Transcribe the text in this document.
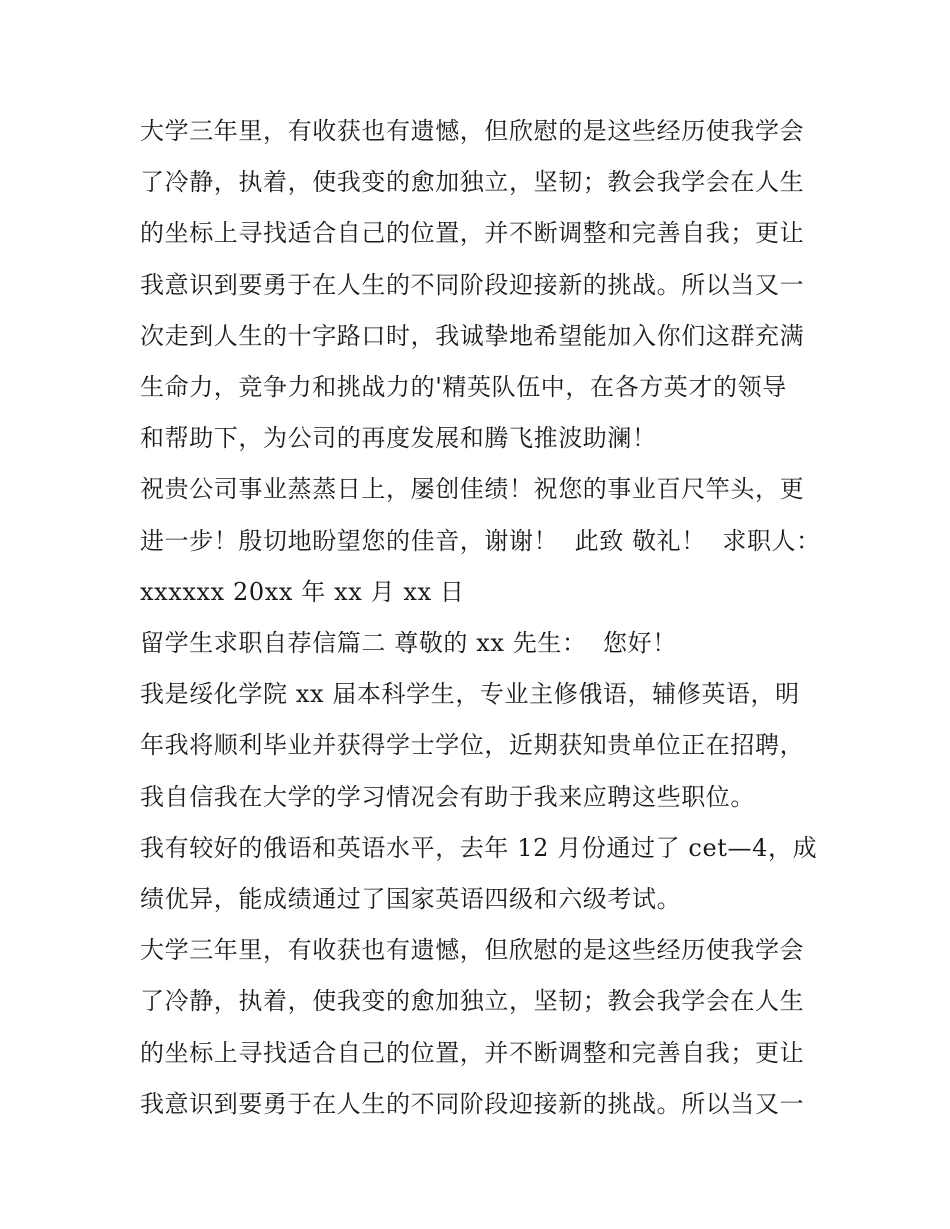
大学三年里，有收获也有遗憾，但欣慰的是这些经历使我学会

了冷静，执着，使我变的愈加独立，坚韧；教会我学会在人生

的坐标上寻找适合自己的位置，并不断调整和完善自我；更让

我意识到要勇于在人生的不同阶段迎接新的挑战。所以当又一

次走到人生的十字路口时，我诚挚地希望能加入你们这群充满

生命力，竞争力和挑战力的'精英队伍中，在各方英才的领导

和帮助下，为公司的再度发展和腾飞推波助澜！

祝贵公司事业蒸蒸日上，屡创佳绩！祝您的事业百尺竿头，更

进一步！殷切地盼望您的佳音，谢谢！  此致 敬礼！  求职人：

xxxxxx 20xx 年 xx 月 xx 日

留学生求职自荐信篇二 尊敬的 xx 先生：  您好！

我是绥化学院 xx 届本科学生，专业主修俄语，辅修英语，明

年我将顺利毕业并获得学士学位，近期获知贵单位正在招聘，

我自信我在大学的学习情况会有助于我来应聘这些职位。

我有较好的俄语和英语水平，去年 12 月份通过了 cet—4，成

绩优异，能成绩通过了国家英语四级和六级考试。

大学三年里，有收获也有遗憾，但欣慰的是这些经历使我学会

了冷静，执着，使我变的愈加独立，坚韧；教会我学会在人生

的坐标上寻找适合自己的位置，并不断调整和完善自我；更让

我意识到要勇于在人生的不同阶段迎接新的挑战。所以当又一
